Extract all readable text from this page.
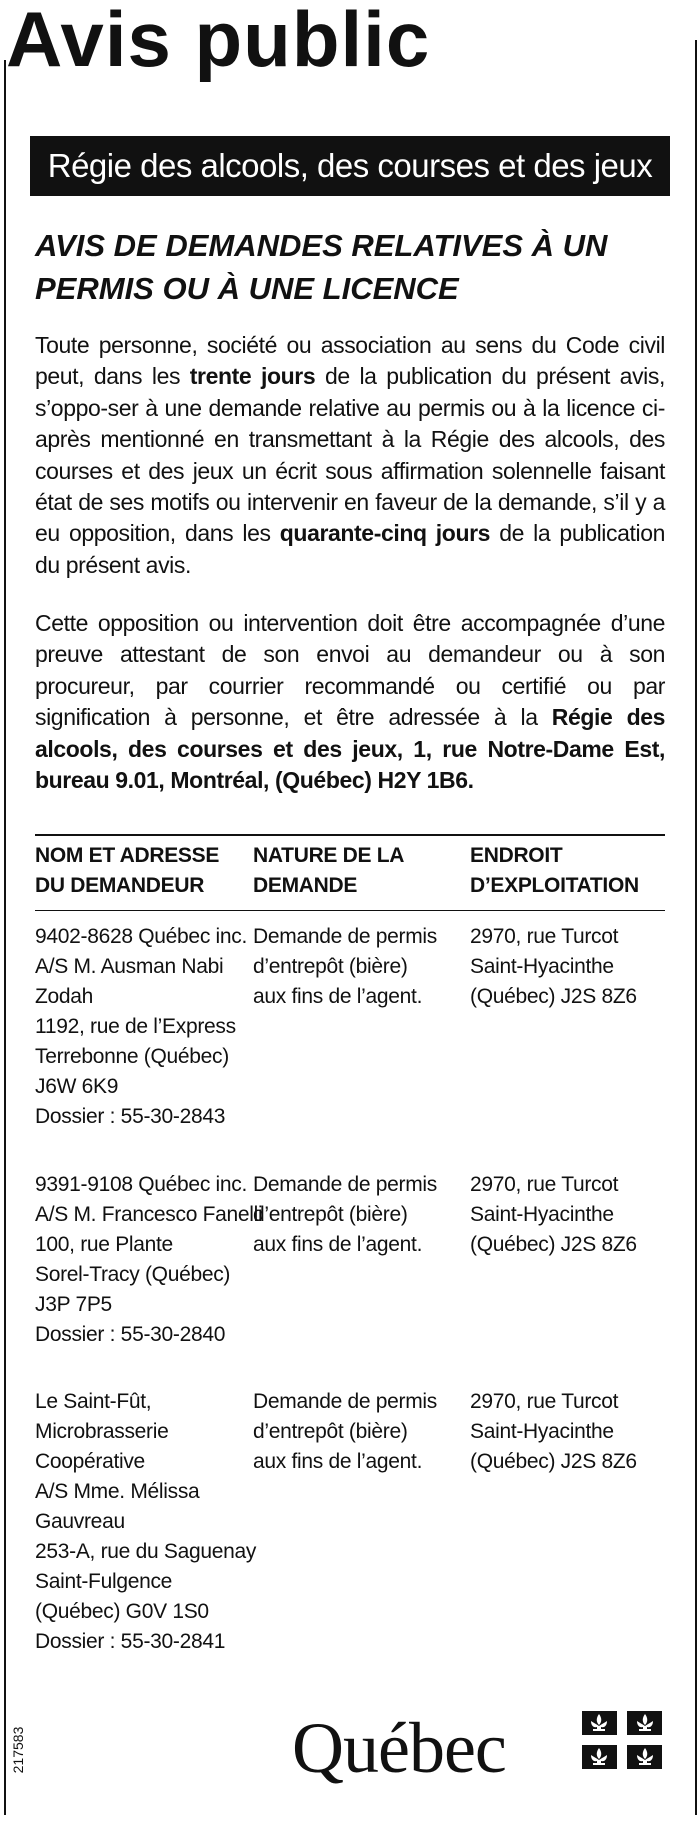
Avis public
Régie des alcools, des courses et des jeux
AVIS DE DEMANDES RELATIVES À UN PERMIS OU À UNE LICENCE
Toute personne, société ou association au sens du Code civil peut, dans les trente jours de la publication du présent avis, s’oppo-ser à une demande relative au permis ou à la licence ci-après mentionné en transmettant à la Régie des alcools, des courses et des jeux un écrit sous affirmation solennelle faisant état de ses motifs ou intervenir en faveur de la demande, s’il y a eu opposition, dans les quarante-cinq jours de la publication du présent avis.
Cette opposition ou intervention doit être accompagnée d’une preuve attestant de son envoi au demandeur ou à son procureur, par courrier recommandé ou certifié ou par signification à personne, et être adressée à la Régie des alcools, des courses et des jeux, 1, rue Notre-Dame Est, bureau 9.01, Montréal, (Québec) H2Y 1B6.
NOM ET ADRESSE
DU DEMANDEUR
NATURE DE LA
DEMANDE
ENDROIT
D’EXPLOITATION
9402-8628 Québec inc.
A/S M. Ausman Nabi
Zodah
1192, rue de l’Express
Terrebonne (Québec)
J6W 6K9
Dossier : 55-30-2843
Demande de permis
d’entrepôt (bière)
aux fins de l’agent.
2970, rue Turcot
Saint-Hyacinthe
(Québec) J2S 8Z6
9391-9108 Québec inc.
A/S M. Francesco Fanelli
100, rue Plante
Sorel-Tracy (Québec)
J3P 7P5
Dossier : 55-30-2840
Demande de permis
d’entrepôt (bière)
aux fins de l’agent.
2970, rue Turcot
Saint-Hyacinthe
(Québec) J2S 8Z6
Le Saint-Fût,
Microbrasserie
Coopérative
A/S Mme. Mélissa
Gauvreau
253-A, rue du Saguenay
Saint-Fulgence
(Québec) G0V 1S0
Dossier : 55-30-2841
Demande de permis
d’entrepôt (bière)
aux fins de l’agent.
2970, rue Turcot
Saint-Hyacinthe
(Québec) J2S 8Z6
217583	Québec
